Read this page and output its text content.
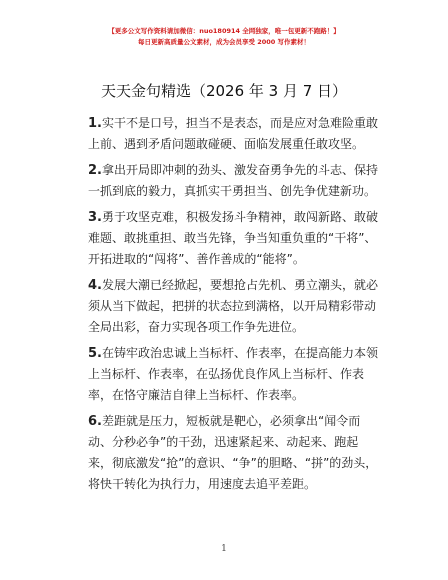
【更多公文写作资料请加微信：nuo180914 全网独家，唯一包更新不跑路！】
每日更新高质量公文素材，成为会员享受 2000 写作素材！
天天金句精选（2026 年 3 月 7 日）

1.实干不是口号，担当不是表态，而是应对急难险重敢上前、遇到矛盾问题敢碰硬、面临发展重任敢攻坚。

2.拿出开局即冲刺的劲头、激发奋勇争先的斗志、保持一抓到底的毅力，真抓实干勇担当、创先争优建新功。

3.勇于攻坚克难，积极发扬斗争精神，敢闯新路、敢破难题、敢挑重担、敢当先锋，争当知重负重的“干将”、开拓进取的“闯将”、善作善成的“能将”。

4.发展大潮已经掀起，要想抢占先机、勇立潮头，就必须从当下做起，把拼的状态拉到满格，以开局精彩带动全局出彩，奋力实现各项工作争先进位。

5.在铸牢政治忠诚上当标杆、作表率，在提高能力本领上当标杆、作表率，在弘扬优良作风上当标杆、作表率，在恪守廉洁自律上当标杆、作表率。

6.差距就是压力，短板就是靶心，必须拿出“闻令而动、分秒必争”的干劲，迅速紧起来、动起来、跑起来，彻底激发“抢”的意识、“争”的胆略、“拼”的劲头，将快干转化为执行力，用速度去追平差距。

1
